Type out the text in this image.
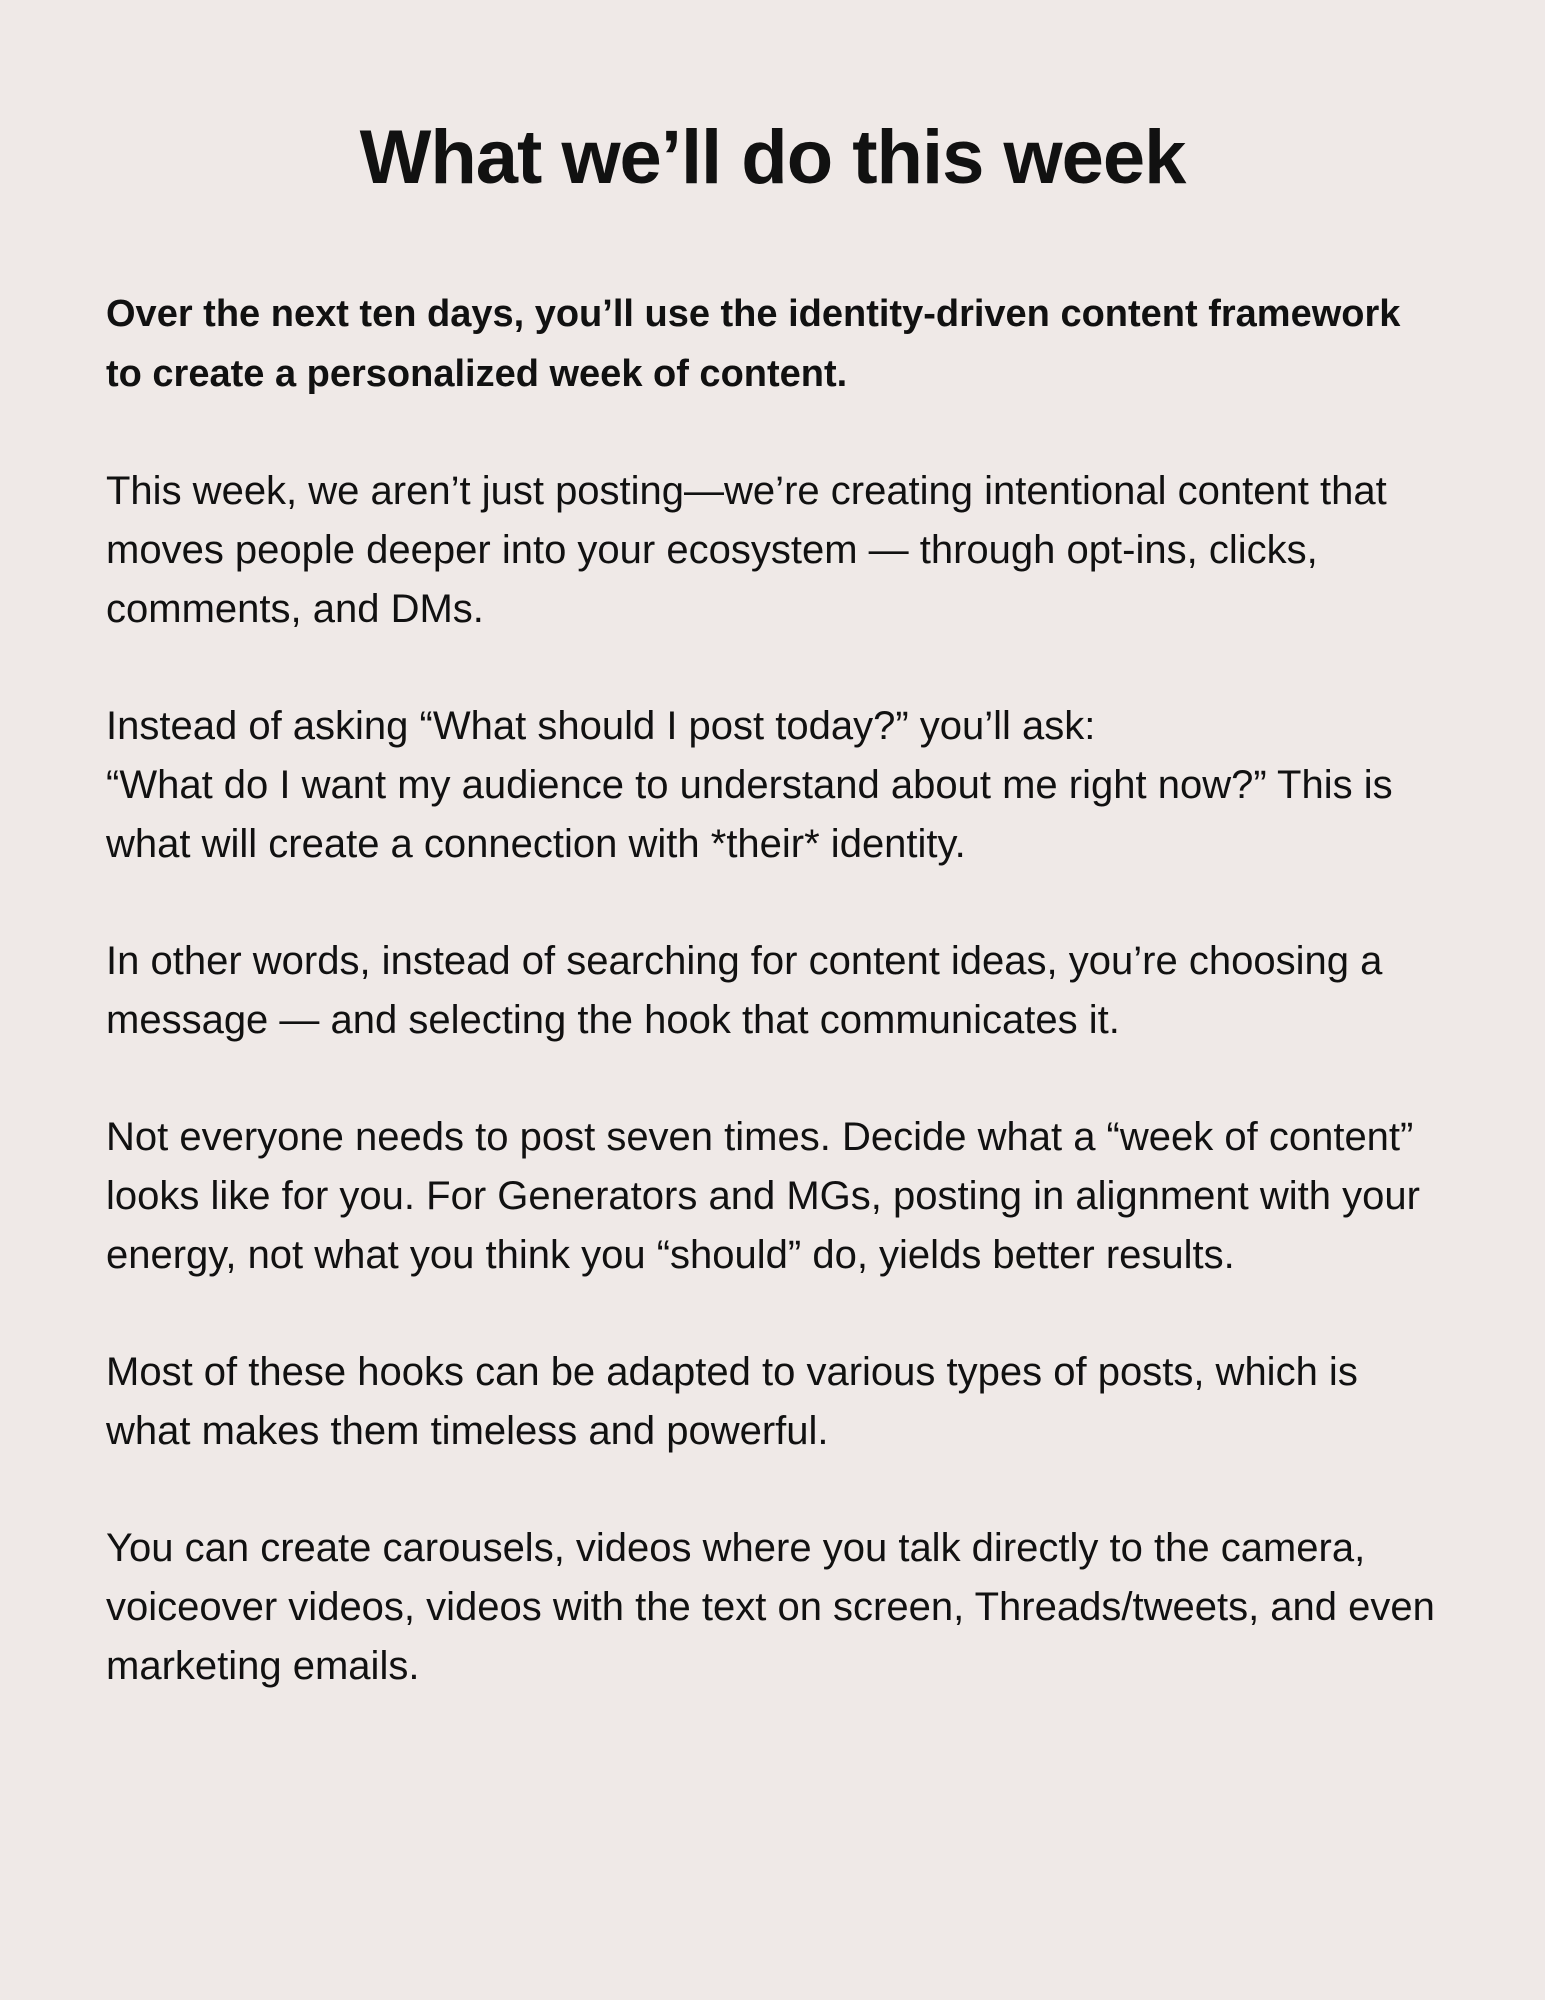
What we’ll do this week

Over the next ten days, you’ll use the identity-driven content framework to create a personalized week of content.

This week, we aren’t just posting—we’re creating intentional content that moves people deeper into your ecosystem — through opt-ins, clicks, comments, and DMs.

Instead of asking “What should I post today?” you’ll ask:
“What do I want my audience to understand about me right now?” This is what will create a connection with *their* identity.

In other words, instead of searching for content ideas, you’re choosing a message — and selecting the hook that communicates it.

Not everyone needs to post seven times. Decide what a “week of content” looks like for you. For Generators and MGs, posting in alignment with your energy, not what you think you “should” do, yields better results.

Most of these hooks can be adapted to various types of posts, which is what makes them timeless and powerful.

You can create carousels, videos where you talk directly to the camera, voiceover videos, videos with the text on screen, Threads/tweets, and even marketing emails.
